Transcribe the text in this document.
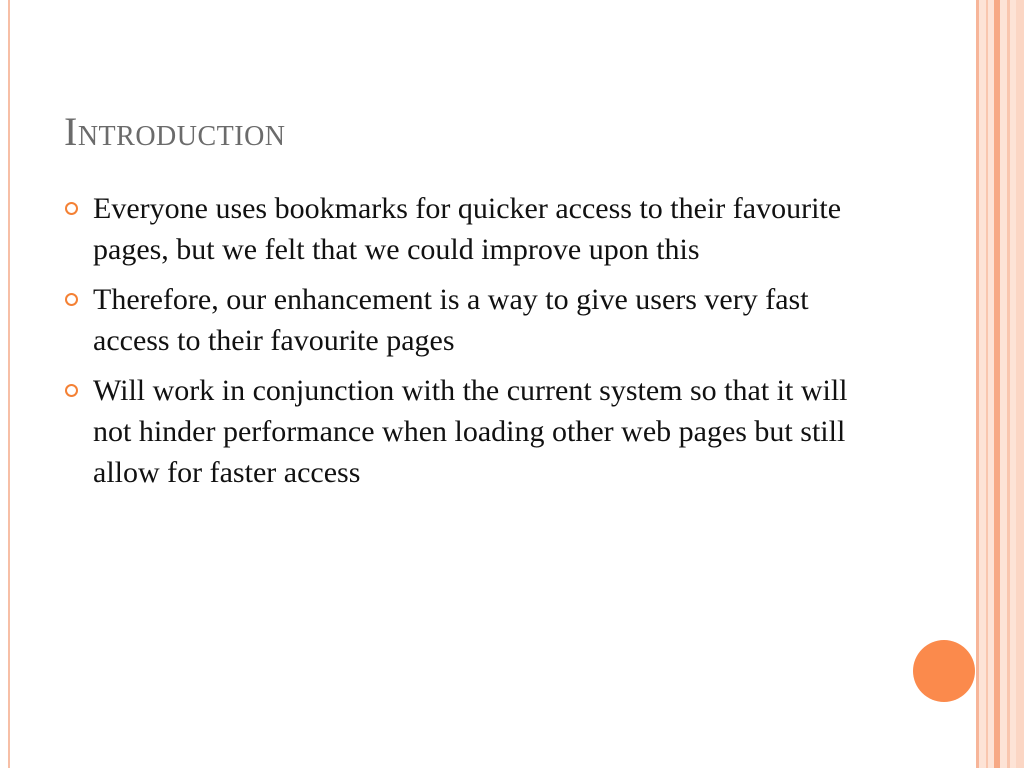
Introduction
Everyone uses bookmarks for quicker access to their favourite pages, but we felt that we could improve upon this
Therefore, our enhancement is a way to give users very fast access to their favourite pages
Will work in conjunction with the current system so that it will not hinder performance when loading other web pages but still allow for faster access
